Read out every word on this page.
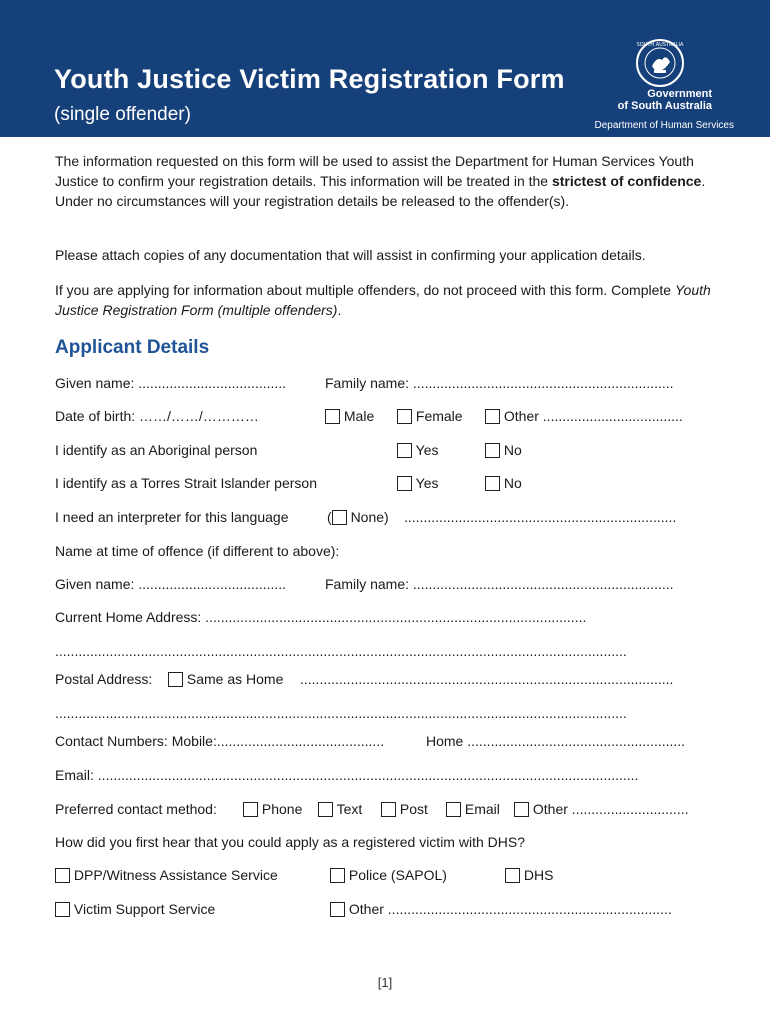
Youth Justice Victim Registration Form
(single offender)
SOUTH AUSTRALIA
Government
of South Australia
Department of Human Services
The information requested on this form will be used to assist the Department for Human Services Youth Justice to confirm your registration details. This information will be treated in the strictest of confidence. Under no circumstances will your registration details be released to the offender(s).
Please attach copies of any documentation that will assist in confirming your application details.
If you are applying for information about multiple offenders, do not proceed with this form. Complete Youth Justice Registration Form (multiple offenders).
Applicant Details
Given name: ......................................	Family name: ...................................................................
Date of birth: ……/……/…………	Male	Female	Other ....................................
I identify as an Aboriginal person	Yes	No
I identify as a Torres Strait Islander person	Yes	No
I need an interpreter for this language	( None) ......................................................................
Name at time of offence (if different to above):
Given name: ......................................	Family name: ...................................................................
Current Home Address: ..................................................................................................
...................................................................................................................................................
Postal Address:	Same as Home ................................................................................................
...................................................................................................................................................
Contact Numbers: Mobile:...........................................	Home ........................................................
Email: ...........................................................................................................................................
Preferred contact method:	Phone	Text	Post	Email	Other ..............................
How did you first hear that you could apply as a registered victim with DHS?
DPP/Witness Assistance Service	Police (SAPOL)	DHS
Victim Support Service	Other .........................................................................
[1]
